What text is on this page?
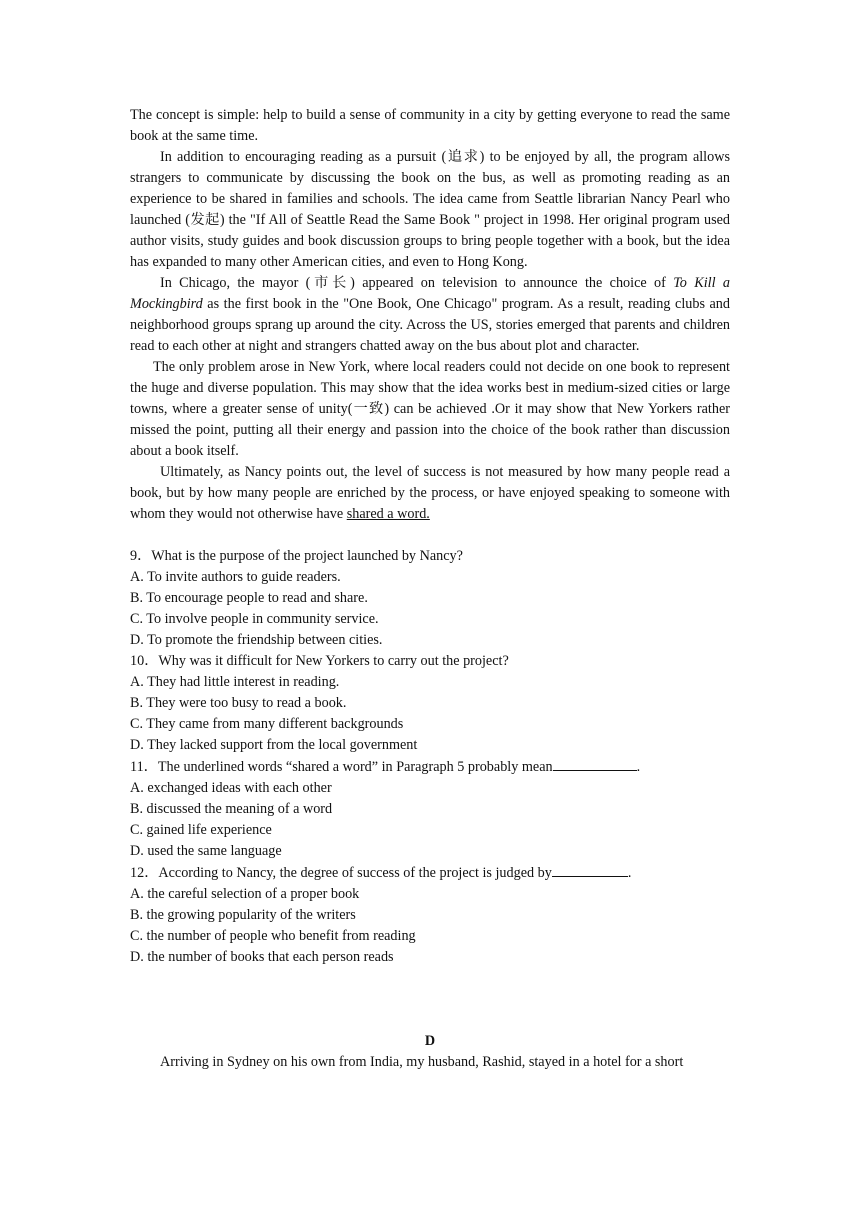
The concept is simple: help to build a sense of community in a city by getting everyone to read the same book at the same time.

In addition to encouraging reading as a pursuit (追求) to be enjoyed by all, the program allows strangers to communicate by discussing the book on the bus, as well as promoting reading as an experience to be shared in families and schools. The idea came from Seattle librarian Nancy Pearl who launched (发起) the "If All of Seattle Read the Same Book " project in 1998. Her original program used author visits, study guides and book discussion groups to bring people together with a book, but the idea has expanded to many other American cities, and even to Hong Kong.

In Chicago, the mayor (市长) appeared on television to announce the choice of To Kill a Mockingbird as the first book in the "One Book, One Chicago" program. As a result, reading clubs and neighborhood groups sprang up around the city. Across the US, stories emerged that parents and children read to each other at night and strangers chatted away on the bus about plot and character.

The only problem arose in New York, where local readers could not decide on one book to represent the huge and diverse population. This may show that the idea works best in medium-sized cities or large towns, where a greater sense of unity(一致) can be achieved .Or it may show that New Yorkers rather missed the point, putting all their energy and passion into the choice of the book rather than discussion about a book itself.

Ultimately, as Nancy points out, the level of success is not measured by how many people read a book, but by how many people are enriched by the process, or have enjoyed speaking to someone with whom they would not otherwise have shared a word.

9．What is the purpose of the project launched by Nancy?

A. To invite authors to guide readers.

B. To encourage people to read and share.

C. To involve people in community service.

D. To promote the friendship between cities.

10．Why was it difficult for New Yorkers to carry out the project?

A. They had little interest in reading.

B. They were too busy to read a book.

C. They came from many different backgrounds

D. They lacked support from the local government

11．The underlined words “shared a word” in Paragraph 5 probably mean	.

A. exchanged ideas with each other

B. discussed the meaning of a word

C. gained life experience

D. used the same language

12．According to Nancy, the degree of success of the project is judged by	.

A. the careful selection of a proper book

B. the growing popularity of the writers

C. the number of people who benefit from reading

D. the number of books that each person reads

D

Arriving in Sydney on his own from India, my husband, Rashid, stayed in a hotel for a short
